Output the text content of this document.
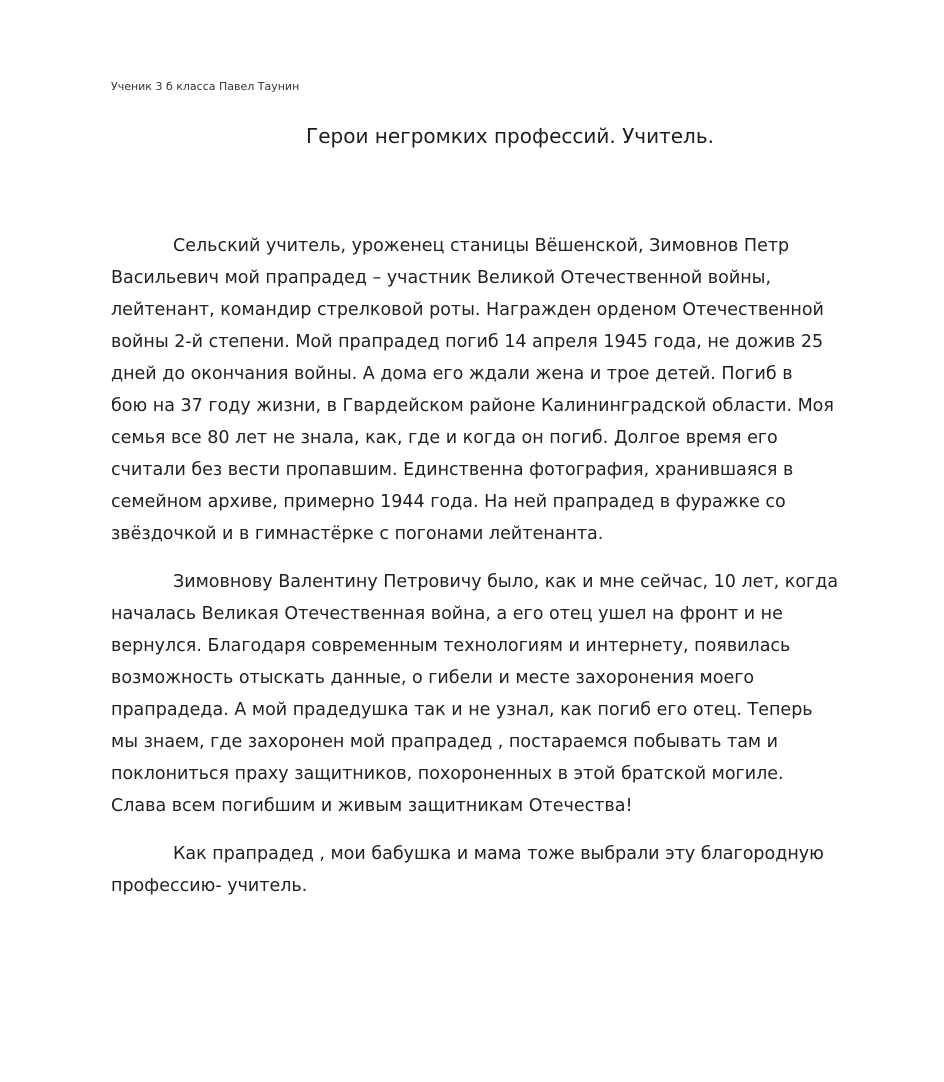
Ученик 3 б класса Павел Таунин
Герои негромких профессий. Учитель.
Сельский учитель, уроженец станицы Вёшенской, Зимовнов Петр
Васильевич мой прапрадед – участник Великой Отечественной войны,
лейтенант, командир стрелковой роты. Награжден орденом Отечественной
войны 2-й степени. Мой прапрадед погиб 14 апреля 1945 года, не дожив 25
дней до окончания войны. А дома его ждали жена и трое детей. Погиб в
бою на 37 году жизни, в Гвардейском районе Калининградской области. Моя
семья все 80 лет не знала, как, где и когда он погиб. Долгое время его
считали без вести пропавшим. Единственна фотография, хранившаяся в
семейном архиве, примерно 1944 года. На ней прапрадед в фуражке со
звёздочкой и в гимнастёрке с погонами лейтенанта.
Зимовнову Валентину Петровичу было, как и мне сейчас, 10 лет, когда
началась Великая Отечественная война, а его отец ушел на фронт и не
вернулся. Благодаря современным технологиям и интернету, появилась
возможность отыскать данные, о гибели и месте захоронения моего
прапрадеда. А мой прадедушка так и не узнал, как погиб его отец. Теперь
мы знаем, где захоронен мой прапрадед , постараемся побывать там и
поклониться праху защитников, похороненных в этой братской могиле.
Слава всем погибшим и живым защитникам Отечества!
Как прапрадед , мои бабушка и мама тоже выбрали эту благородную
профессию- учитель.
